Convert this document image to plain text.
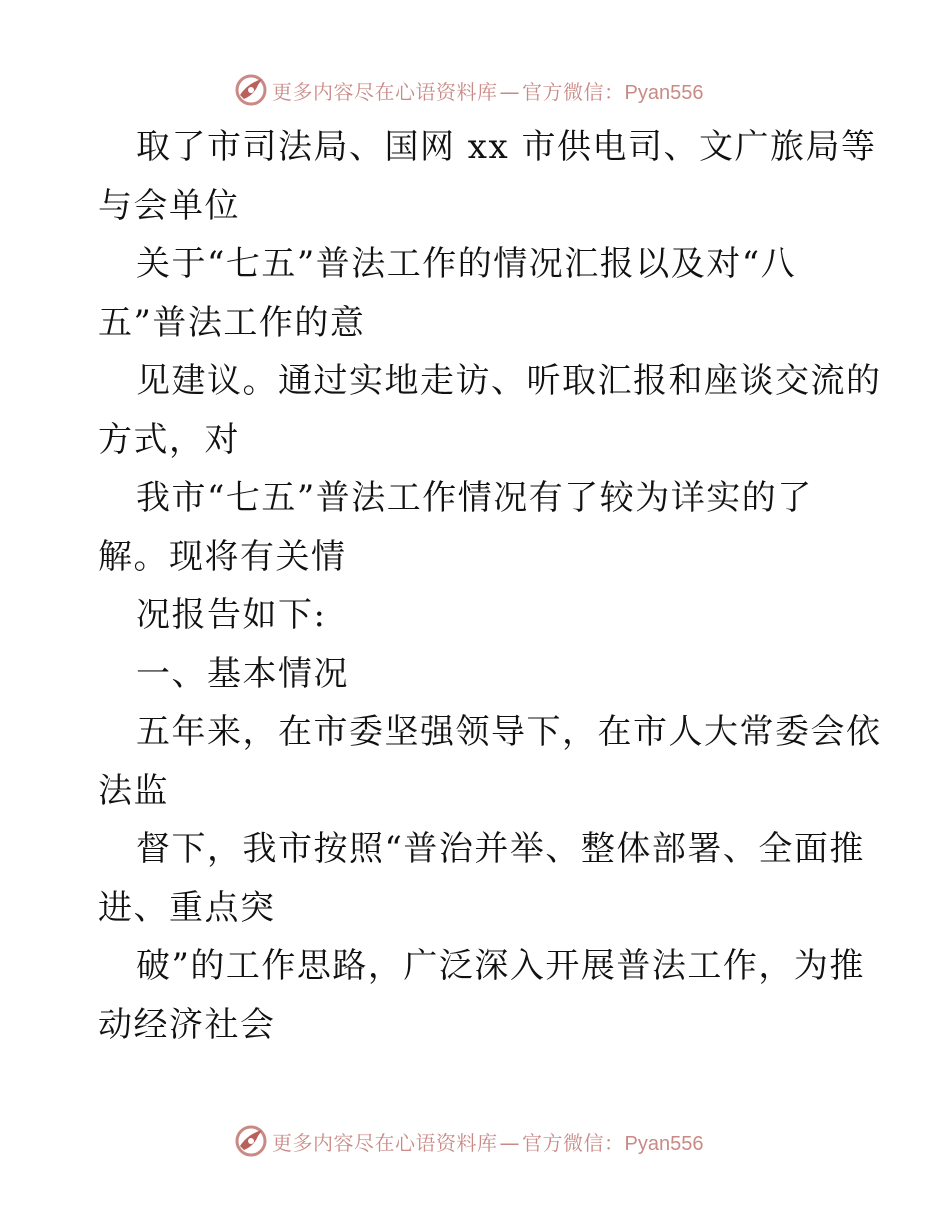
更多内容尽在心语资料库 — 官方微信：Pyan556
取了市司法局、国网 xx 市供电司、文广旅局等
与会单位
关于“七五”普法工作的情况汇报以及对“八
五”普法工作的意
见建议。通过实地走访、听取汇报和座谈交流的
方式，对
我市“七五”普法工作情况有了较为详实的了
解。现将有关情
况报告如下:
一、基本情况
五年来，在市委坚强领导下，在市人大常委会依
法监
督下，我市按照“普治并举、整体部署、全面推
进、重点突
破”的工作思路，广泛深入开展普法工作，为推
动经济社会
更多内容尽在心语资料库 — 官方微信：Pyan556
